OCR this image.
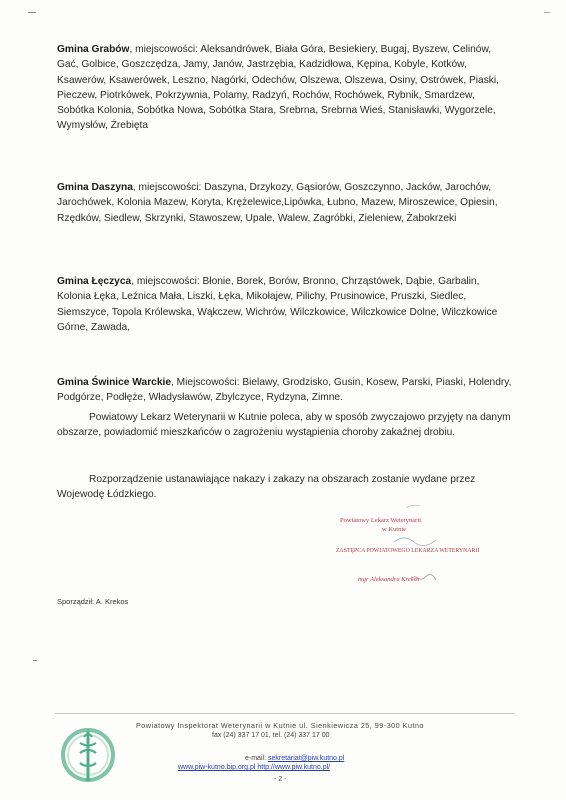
Gmina Grabów, miejscowości: Aleksandrówek, Biała Góra, Besiekiery, Bugaj, Byszew, Celinów, Gać, Golbice, Goszczędza, Jamy, Janów, Jastrzębia, Kadzidłowa, Kępina, Kobyle, Kotków, Ksawerów, Ksawerówek, Leszno, Nagórki, Odechów, Olszewa, Olszewa, Osiny, Ostrówek, Piaski, Pieczew, Piotrkówek, Pokrzywnia, Polamy, Radzyń, Rochów, Rochówek, Rybnik, Smardzew, Sobótka Kolonia, Sobótka Nowa, Sobótka Stara, Srebrna, Srebrna Wieś, Stanisławki, Wygorzele, Wymysłów, Źrebięta

Gmina Daszyna, miejscowości: Daszyna, Drzykozy, Gąsiorów, Goszczynno, Jacków, Jarochów, Jarochówek, Kolonia Mazew, Koryta, Krężelewice,Lipówka, Łubno, Mazew, Miroszewice, Opiesin, Rzędków, Siedlew, Skrzynki, Stawoszew, Upale, Walew, Zagróbki, Zieleniew, Żabokrzeki

Gmina Łęczyca, miejscowości: Błonie, Borek, Borów, Bronno, Chrząstówek, Dąbie, Garbalin, Kolonia Łęka, Leźnica Mała, Liszki, Łęka, Mikołajew, Pilichy, Prusinowice, Pruszki, Siedlec, Siemszyce, Topola Królewska, Wąkczew, Wichrów, Wilczkowice, Wilczkowice Dolne, Wilczkowice Górne, Zawada,

Gmina Świnice Warckie, Miejscowości: Bielawy, Grodzisko, Gusin, Kosew, Parski, Piaski, Holendry, Podgórze, Podłęże, Władysławów, Zbylczyce, Rydzyna, Zimne.

Powiatowy Lekarz Weterynarii w Kutnie poleca, aby w sposób zwyczajowo przyjęty na danym obszarze, powiadomić mieszkańców o zagrożeniu wystąpienia choroby zakaźnej drobiu.

Rozporządzenie ustanawiające nakazy i zakazy na obszarach zostanie wydane przez Wojewodę Łódzkiego.

Powiatowy Lekarz Weterynarii
w Kutnie
ZASTĘPCA POWIATOWEGO LEKARZA WETERYNARII
mgr Aleksandra Krekos
Sporządził: A. Krekos
Powiatowy Inspektorat Weterynarii w Kutnie ul. Sienkiewicza 25, 99-300 Kutno
fax (24) 337 17 01, tel. (24) 337 17 00
e-mail: sekretariat@piw.kutno.pl
www.piw-kutno.bip.org.pl http://www.piw.kutno.pl/
- 2 -
